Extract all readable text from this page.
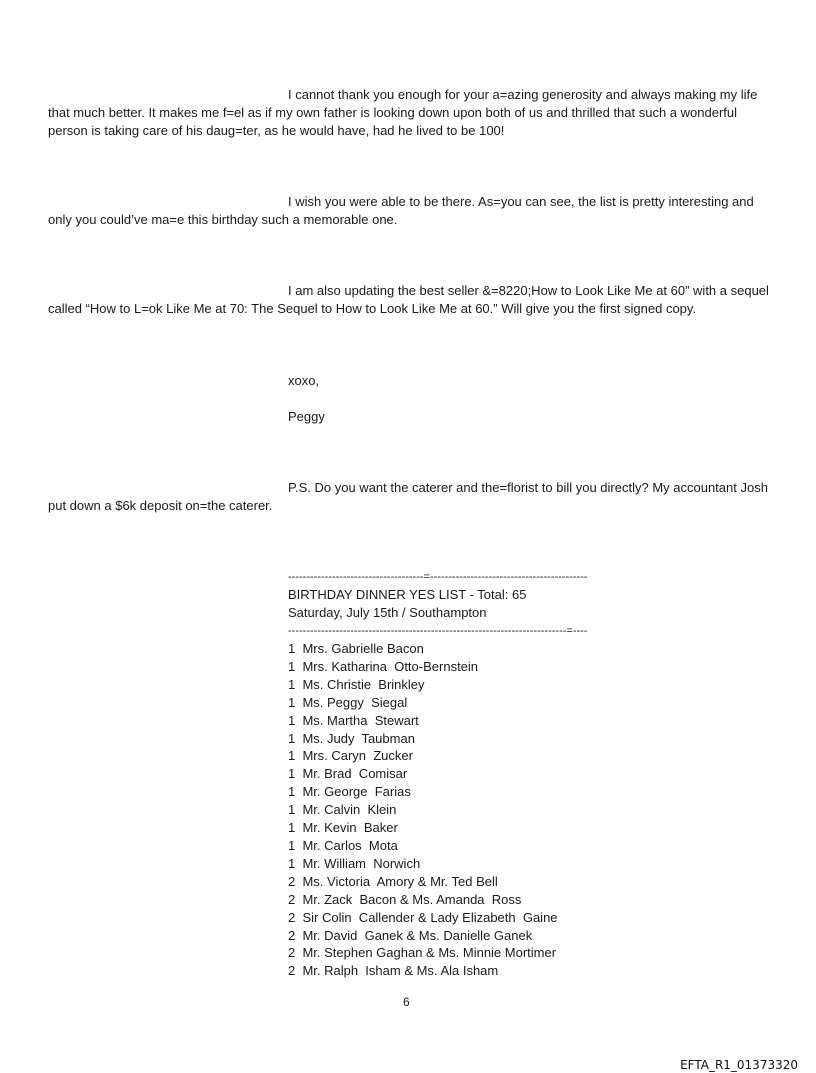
I cannot thank you enough for your a=azing generosity and always making my life that much better. It makes me f=el as if my own father is looking down upon both of us and thrilled that such a wonderful person is taking care of his daug=ter, as he would have, had he lived to be 100!

I wish you were able to be there. As=you can see, the list is pretty interesting and only you could’ve ma=e this birthday such a memorable one.

I am also updating the best seller &=8220;How to Look Like Me at 60” with a sequel called “How to L=ok Like Me at 70: The Sequel to How to Look Like Me at 60.” Will give you the first signed copy.

xoxo,
Peggy

P.S. Do you want the caterer and the=florist to bill you directly? My accountant Josh put down a $6k deposit on=the caterer.

-------------------------------------=-------------------------------------------
BIRTHDAY DINNER YES LIST - Total: 65
Saturday, July 15th / Southampton
----------------------------------------------------------------------------=----
1  Mrs. Gabrielle Bacon
1  Mrs. Katharina  Otto-Bernstein
1  Ms. Christie  Brinkley
1  Ms. Peggy  Siegal
1  Ms. Martha  Stewart
1  Ms. Judy  Taubman
1  Mrs. Caryn  Zucker
1  Mr. Brad  Comisar
1  Mr. George  Farias
1  Mr. Calvin  Klein
1  Mr. Kevin  Baker
1  Mr. Carlos  Mota
1  Mr. William  Norwich
2  Ms. Victoria  Amory & Mr. Ted Bell
2  Mr. Zack  Bacon & Ms. Amanda  Ross
2  Sir Colin  Callender & Lady Elizabeth  Gaine
2  Mr. David  Ganek & Ms. Danielle Ganek
2  Mr. Stephen Gaghan & Ms. Minnie Mortimer
2  Mr. Ralph  Isham & Ms. Ala Isham
6
EFTA_R1_01373320
